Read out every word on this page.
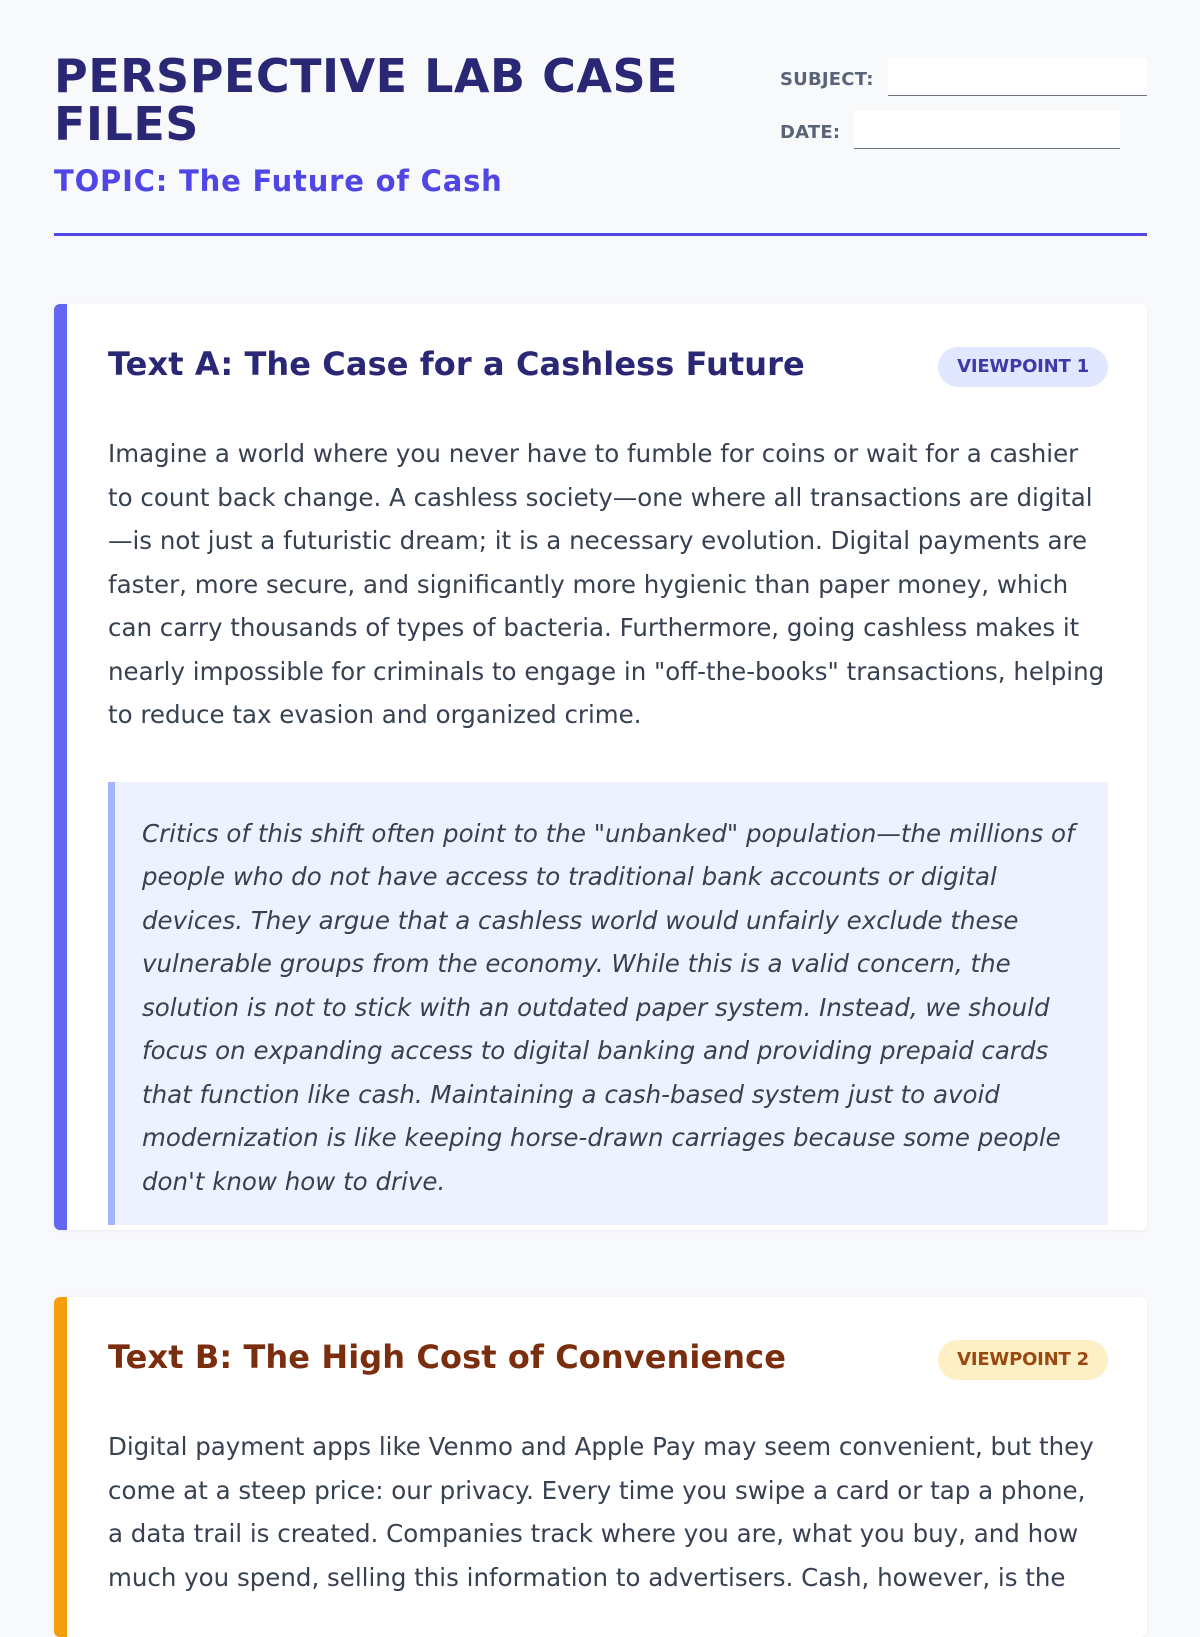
PERSPECTIVE LAB CASE FILES
TOPIC: The Future of Cash
SUBJECT:
DATE:
Text A: The Case for a Cashless Future	VIEWPOINT 1

Imagine a world where you never have to fumble for coins or wait for a cashier to count back change. A cashless society—one where all transactions are digital—is not just a futuristic dream; it is a necessary evolution. Digital payments are faster, more secure, and significantly more hygienic than paper money, which can carry thousands of types of bacteria. Furthermore, going cashless makes it nearly impossible for criminals to engage in "off-the-books" transactions, helping to reduce tax evasion and organized crime.

Critics of this shift often point to the "unbanked" population—the millions of people who do not have access to traditional bank accounts or digital devices. They argue that a cashless world would unfairly exclude these vulnerable groups from the economy. While this is a valid concern, the solution is not to stick with an outdated paper system. Instead, we should focus on expanding access to digital banking and providing prepaid cards that function like cash. Maintaining a cash-based system just to avoid modernization is like keeping horse-drawn carriages because some people don't know how to drive.

Text B: The High Cost of Convenience	VIEWPOINT 2

Digital payment apps like Venmo and Apple Pay may seem convenient, but they come at a steep price: our privacy. Every time you swipe a card or tap a phone, a data trail is created. Companies track where you are, what you buy, and how much you spend, selling this information to advertisers. Cash, however, is the
